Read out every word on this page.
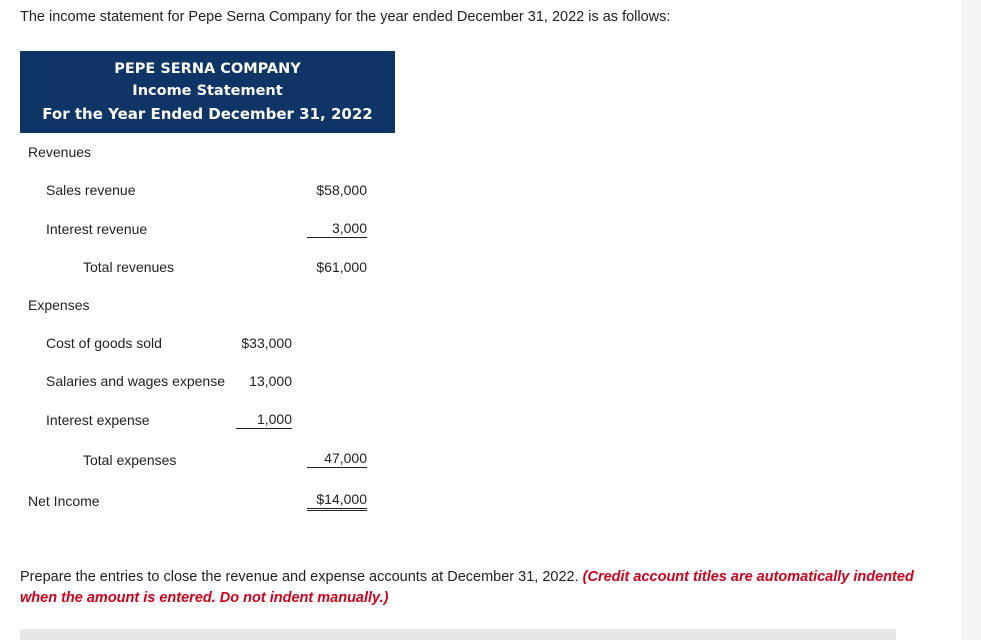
The income statement for Pepe Serna Company for the year ended December 31, 2022 is as follows:
PEPE SERNA COMPANY
Income Statement
For the Year Ended December 31, 2022
Revenues
Sales revenue	$58,000
Interest revenue	3,000
Total revenues	$61,000
Expenses
Cost of goods sold	$33,000
Salaries and wages expense 13,000
Interest expense	1,000
Total expenses	47,000
Net Income	$14,000
Prepare the entries to close the revenue and expense accounts at December 31, 2022. (Credit account titles are automatically indented when the amount is entered. Do not indent manually.)
